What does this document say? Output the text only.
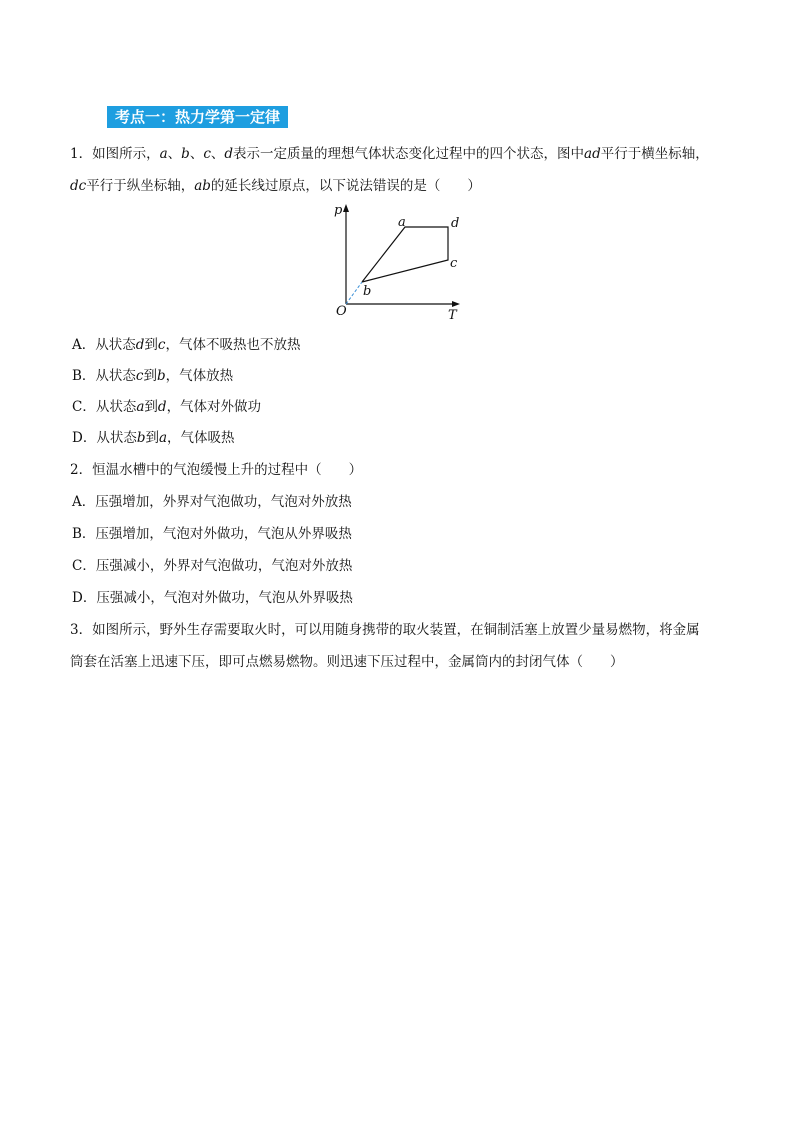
考点一：热力学第一定律
1．如图所示，a、b、c、d表示一定质量的理想气体状态变化过程中的四个状态，图中ad平行于横坐标轴，
dc平行于纵坐标轴，ab的延长线过原点，以下说法错误的是（　　）
p
T
O
a	d
c
b
A．从状态d到c，气体不吸热也不放热
B．从状态c到b，气体放热
C．从状态a到d，气体对外做功
D．从状态b到a，气体吸热
2．恒温水槽中的气泡缓慢上升的过程中（　　）
A．压强增加，外界对气泡做功，气泡对外放热
B．压强增加，气泡对外做功，气泡从外界吸热
C．压强减小，外界对气泡做功，气泡对外放热
D．压强减小，气泡对外做功，气泡从外界吸热
3．如图所示，野外生存需要取火时，可以用随身携带的取火装置，在铜制活塞上放置少量易燃物，将金属
筒套在活塞上迅速下压，即可点燃易燃物。则迅速下压过程中，金属筒内的封闭气体（　　）
